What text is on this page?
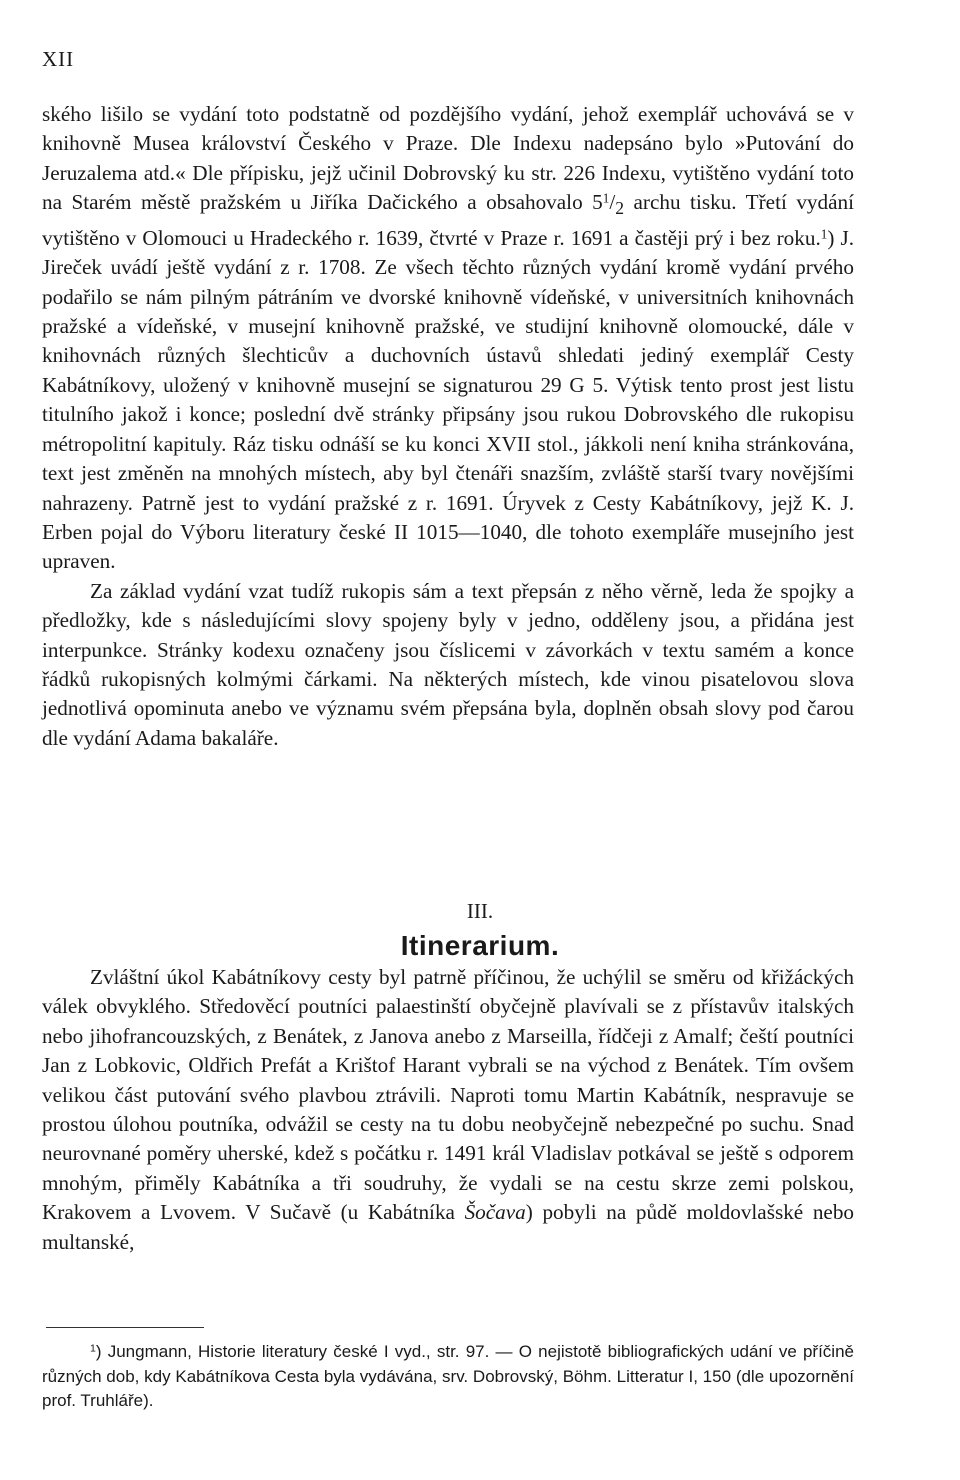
XII

ského lišilo se vydání toto podstatně od pozdějšího vydání, jehož exemplář uchovává se v knihovně Musea království Českého v Praze. Dle Indexu nadepsáno bylo »Putování do Jeruzalema atd.« Dle přípisku, jejž učinil Dobrovský ku str. 226 Indexu, vytištěno vydání toto na Starém městě pražském u Jiříka Dačického a obsahovalo $5^1/_2$ archu tisku. Třetí vydání vytištěno v Olomouci u Hradeckého r. 1639, čtvrté v Praze r. 1691 a častěji prý i bez roku.$^1$) J. Jireček uvádí ještě vydání z r. 1708. Ze všech těchto různých vydání kromě vydání prvého podařilo se nám pilným pátráním ve dvorské knihovně vídeňské, v universitních knihovnách pražské a vídeňské, v musejní knihovně pražské, ve studijní knihovně olomoucké, dále v knihovnách různých šlechticův a duchovních ústavů shledati jediný exemplář Cesty Kabátníkovy, uložený v knihovně musejní se signaturou 29 G 5. Výtisk tento prost jest listu titulního jakož i konce; poslední dvě stránky připsány jsou rukou Dobrovského dle rukopisu métropolitní kapituly. Ráz tisku odnáší se ku konci XVII stol., jákkoli není kniha stránkována, text jest změněn na mnohých místech, aby byl čtenáři snazším, zvláště starší tvary novějšími nahrazeny. Patrně jest to vydání pražské z r. 1691. Úryvek z Cesty Kabátníkovy, jejž K. J. Erben pojal do Výboru literatury české II 1015—1040, dle tohoto exempláře musejního jest upraven.

Za základ vydání vzat tudíž rukopis sám a text přepsán z něho věrně, leda že spojky a předložky, kde s následujícími slovy spojeny byly v jedno, odděleny jsou, a přidána jest interpunkce. Stránky kodexu označeny jsou číslicemi v závorkách v textu samém a konce řádků rukopisných kolmými čárkami. Na některých místech, kde vinou pisatelovou slova jednotlivá opominuta anebo ve významu svém přepsána byla, doplněn obsah slovy pod čarou dle vydání Adama bakaláře.

III.
Itinerarium.

Zvláštní úkol Kabátníkovy cesty byl patrně příčinou, že uchýlil se směru od křižáckých válek obvyklého. Středověcí poutníci palaestinští obyčejně plavívali se z přístavův italských nebo jihofrancouzských, z Benátek, z Janova anebo z Marseilla, řídčeji z Amalf; čeští poutníci Jan z Lobkovic, Oldřich Prefát a Krištof Harant vybrali se na východ z Benátek. Tím ovšem velikou část putování svého plavbou ztrávili. Naproti tomu Martin Kabátník, nespravuje se prostou úlohou poutníka, odvážil se cesty na tu dobu neobyčejně nebezpečné po suchu. Snad neurovnané poměry uherské, kdež s počátku r. 1491 král Vladislav potkával se ještě s odporem mnohým, přiměly Kabátníka a tři soudruhy, že vydali se na cestu skrze zemi polskou, Krakovem a Lvovem. V Sučavě (u Kabátníka Šočava) pobyli na půdě moldovlašské nebo multanské,

$^1$) Jungmann, Historie literatury české I vyd., str. 97. — O nejistotě bibliografických udání ve příčině různých dob, kdy Kabátníkova Cesta byla vydávána, srv. Dobrovský, Böhm. Litteratur I, 150 (dle upozornění prof. Truhláře).
